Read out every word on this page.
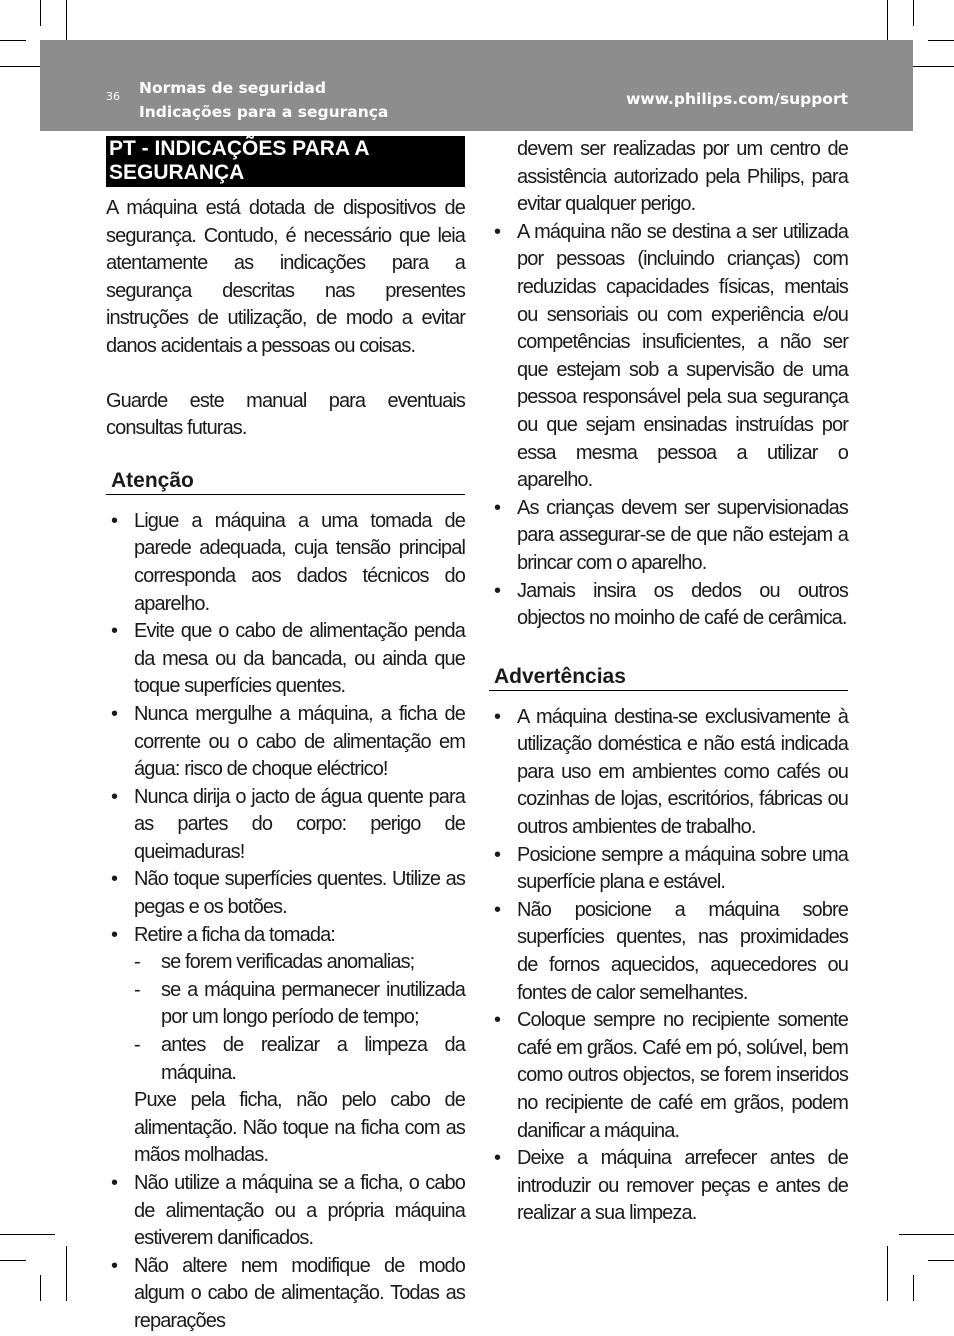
36 Normas de seguridad
Indicações para a segurança
www.philips.com/support
PT - INDICAÇÕES PARA A SEGURANÇA

A máquina está dotada de dispositivos de segurança. Contudo, é necessário que leia atentamente as indicações para a segurança descritas nas presentes instruções de utilização, de modo a evitar danos acidentais a pessoas ou coisas.

Guarde este manual para eventuais consultas futuras.

Atenção
• Ligue a máquina a uma tomada de parede adequada, cuja tensão principal corresponda aos dados técnicos do aparelho.
• Evite que o cabo de alimentação penda da mesa ou da bancada, ou ainda que toque superfícies quentes.
• Nunca mergulhe a máquina, a ficha de corrente ou o cabo de alimentação em água: risco de choque eléctrico!
• Nunca dirija o jacto de água quente para as partes do corpo: perigo de queimaduras!
• Não toque superfícies quentes. Utilize as pegas e os botões.
• Retire a ficha da tomada:
- se forem verificadas anomalias;
- se a máquina permanecer inutilizada por um longo período de tempo;
- antes de realizar a limpeza da máquina.
Puxe pela ficha, não pelo cabo de alimentação. Não toque na ficha com as mãos molhadas.
• Não utilize a máquina se a ficha, o cabo de alimentação ou a própria máquina estiverem danificados.
• Não altere nem modifique de modo algum o cabo de alimentação. Todas as reparações
devem ser realizadas por um centro de assistência autorizado pela Philips, para evitar qualquer perigo.
• A máquina não se destina a ser utilizada por pessoas (incluindo crianças) com reduzidas capacidades físicas, mentais ou sensoriais ou com experiência e/ou competências insuficientes, a não ser que estejam sob a supervisão de uma pessoa responsável pela sua segurança ou que sejam ensinadas instruídas por essa mesma pessoa a utilizar o aparelho.
• As crianças devem ser supervisionadas para assegurar-se de que não estejam a brincar com o aparelho.
• Jamais insira os dedos ou outros objectos no moinho de café de cerâmica.
Advertências
• A máquina destina-se exclusivamente à utilização doméstica e não está indicada para uso em ambientes como cafés ou cozinhas de lojas, escritórios, fábricas ou outros ambientes de trabalho.
• Posicione sempre a máquina sobre uma superfície plana e estável.
• Não posicione a máquina sobre superfícies quentes, nas proximidades de fornos aquecidos, aquecedores ou fontes de calor semelhantes.
• Coloque sempre no recipiente somente café em grãos. Café em pó, solúvel, bem como outros objectos, se forem inseridos no recipiente de café em grãos, podem danificar a máquina.
• Deixe a máquina arrefecer antes de introduzir ou remover peças e antes de realizar a sua limpeza.
